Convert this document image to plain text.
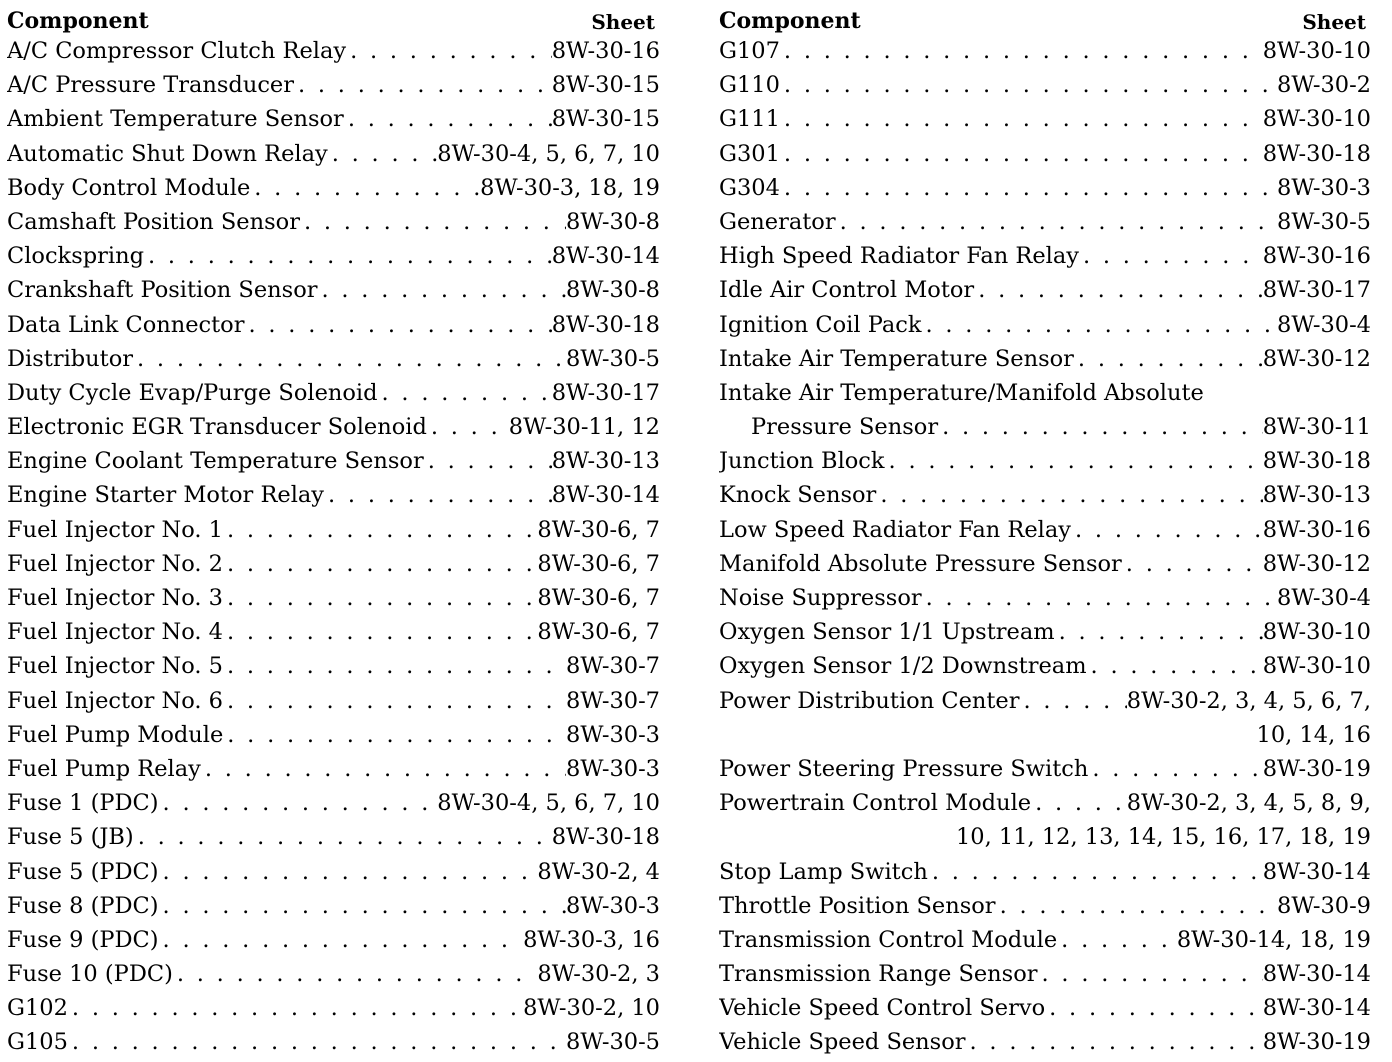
Component	Sheet
A/C Compressor Clutch Relay . . .	8W-30-16
A/C Pressure Transducer . . .	8W-30-15
Ambient Temperature Sensor . . .	8W-30-15
Automatic Shut Down Relay . . .	8W-30-4, 5, 6, 7, 10
Body Control Module . . .	8W-30-3, 18, 19
Camshaft Position Sensor . . .	8W-30-8
Clockspring . . .	8W-30-14
Crankshaft Position Sensor . . .	8W-30-8
Data Link Connector . . .	8W-30-18
Distributor . . .	8W-30-5
Duty Cycle Evap/Purge Solenoid . . .	8W-30-17
Electronic EGR Transducer Solenoid . . .	8W-30-11, 12
Engine Coolant Temperature Sensor . . .	8W-30-13
Engine Starter Motor Relay . . .	8W-30-14
Fuel Injector No. 1 . . .	8W-30-6, 7
Fuel Injector No. 2 . . .	8W-30-6, 7
Fuel Injector No. 3 . . .	8W-30-6, 7
Fuel Injector No. 4 . . .	8W-30-6, 7
Fuel Injector No. 5 . . .	8W-30-7
Fuel Injector No. 6 . . .	8W-30-7
Fuel Pump Module . . .	8W-30-3
Fuel Pump Relay . . .	8W-30-3
Fuse 1 (PDC) . . .	8W-30-4, 5, 6, 7, 10
Fuse 5 (JB) . . .	8W-30-18
Fuse 5 (PDC) . . .	8W-30-2, 4
Fuse 8 (PDC) . . .	8W-30-3
Fuse 9 (PDC) . . .	8W-30-3, 16
Fuse 10 (PDC) . . .	8W-30-2, 3
G102 . . .	8W-30-2, 10
G105 . . .	8W-30-5
Component	Sheet
G107 . . .	8W-30-10
G110 . . .	8W-30-2
G111 . . .	8W-30-10
G301 . . .	8W-30-18
G304 . . .	8W-30-3
Generator . . .	8W-30-5
High Speed Radiator Fan Relay . . .	8W-30-16
Idle Air Control Motor . . .	8W-30-17
Ignition Coil Pack . . .	8W-30-4
Intake Air Temperature Sensor . . .	8W-30-12
Intake Air Temperature/Manifold Absolute
Pressure Sensor . . .	8W-30-11
Junction Block . . .	8W-30-18
Knock Sensor . . .	8W-30-13
Low Speed Radiator Fan Relay . . .	8W-30-16
Manifold Absolute Pressure Sensor . . .	8W-30-12
Noise Suppressor . . .	8W-30-4
Oxygen Sensor 1/1 Upstream . . .	8W-30-10
Oxygen Sensor 1/2 Downstream . . .	8W-30-10
Power Distribution Center . . .	8W-30-2, 3, 4, 5, 6, 7,
10, 14, 16
Power Steering Pressure Switch . . .	8W-30-19
Powertrain Control Module . . .	8W-30-2, 3, 4, 5, 8, 9,
10, 11, 12, 13, 14, 15, 16, 17, 18, 19
Stop Lamp Switch . . .	8W-30-14
Throttle Position Sensor . . .	8W-30-9
Transmission Control Module . . .	8W-30-14, 18, 19
Transmission Range Sensor . . .	8W-30-14
Vehicle Speed Control Servo . . .	8W-30-14
Vehicle Speed Sensor . . .	8W-30-19
